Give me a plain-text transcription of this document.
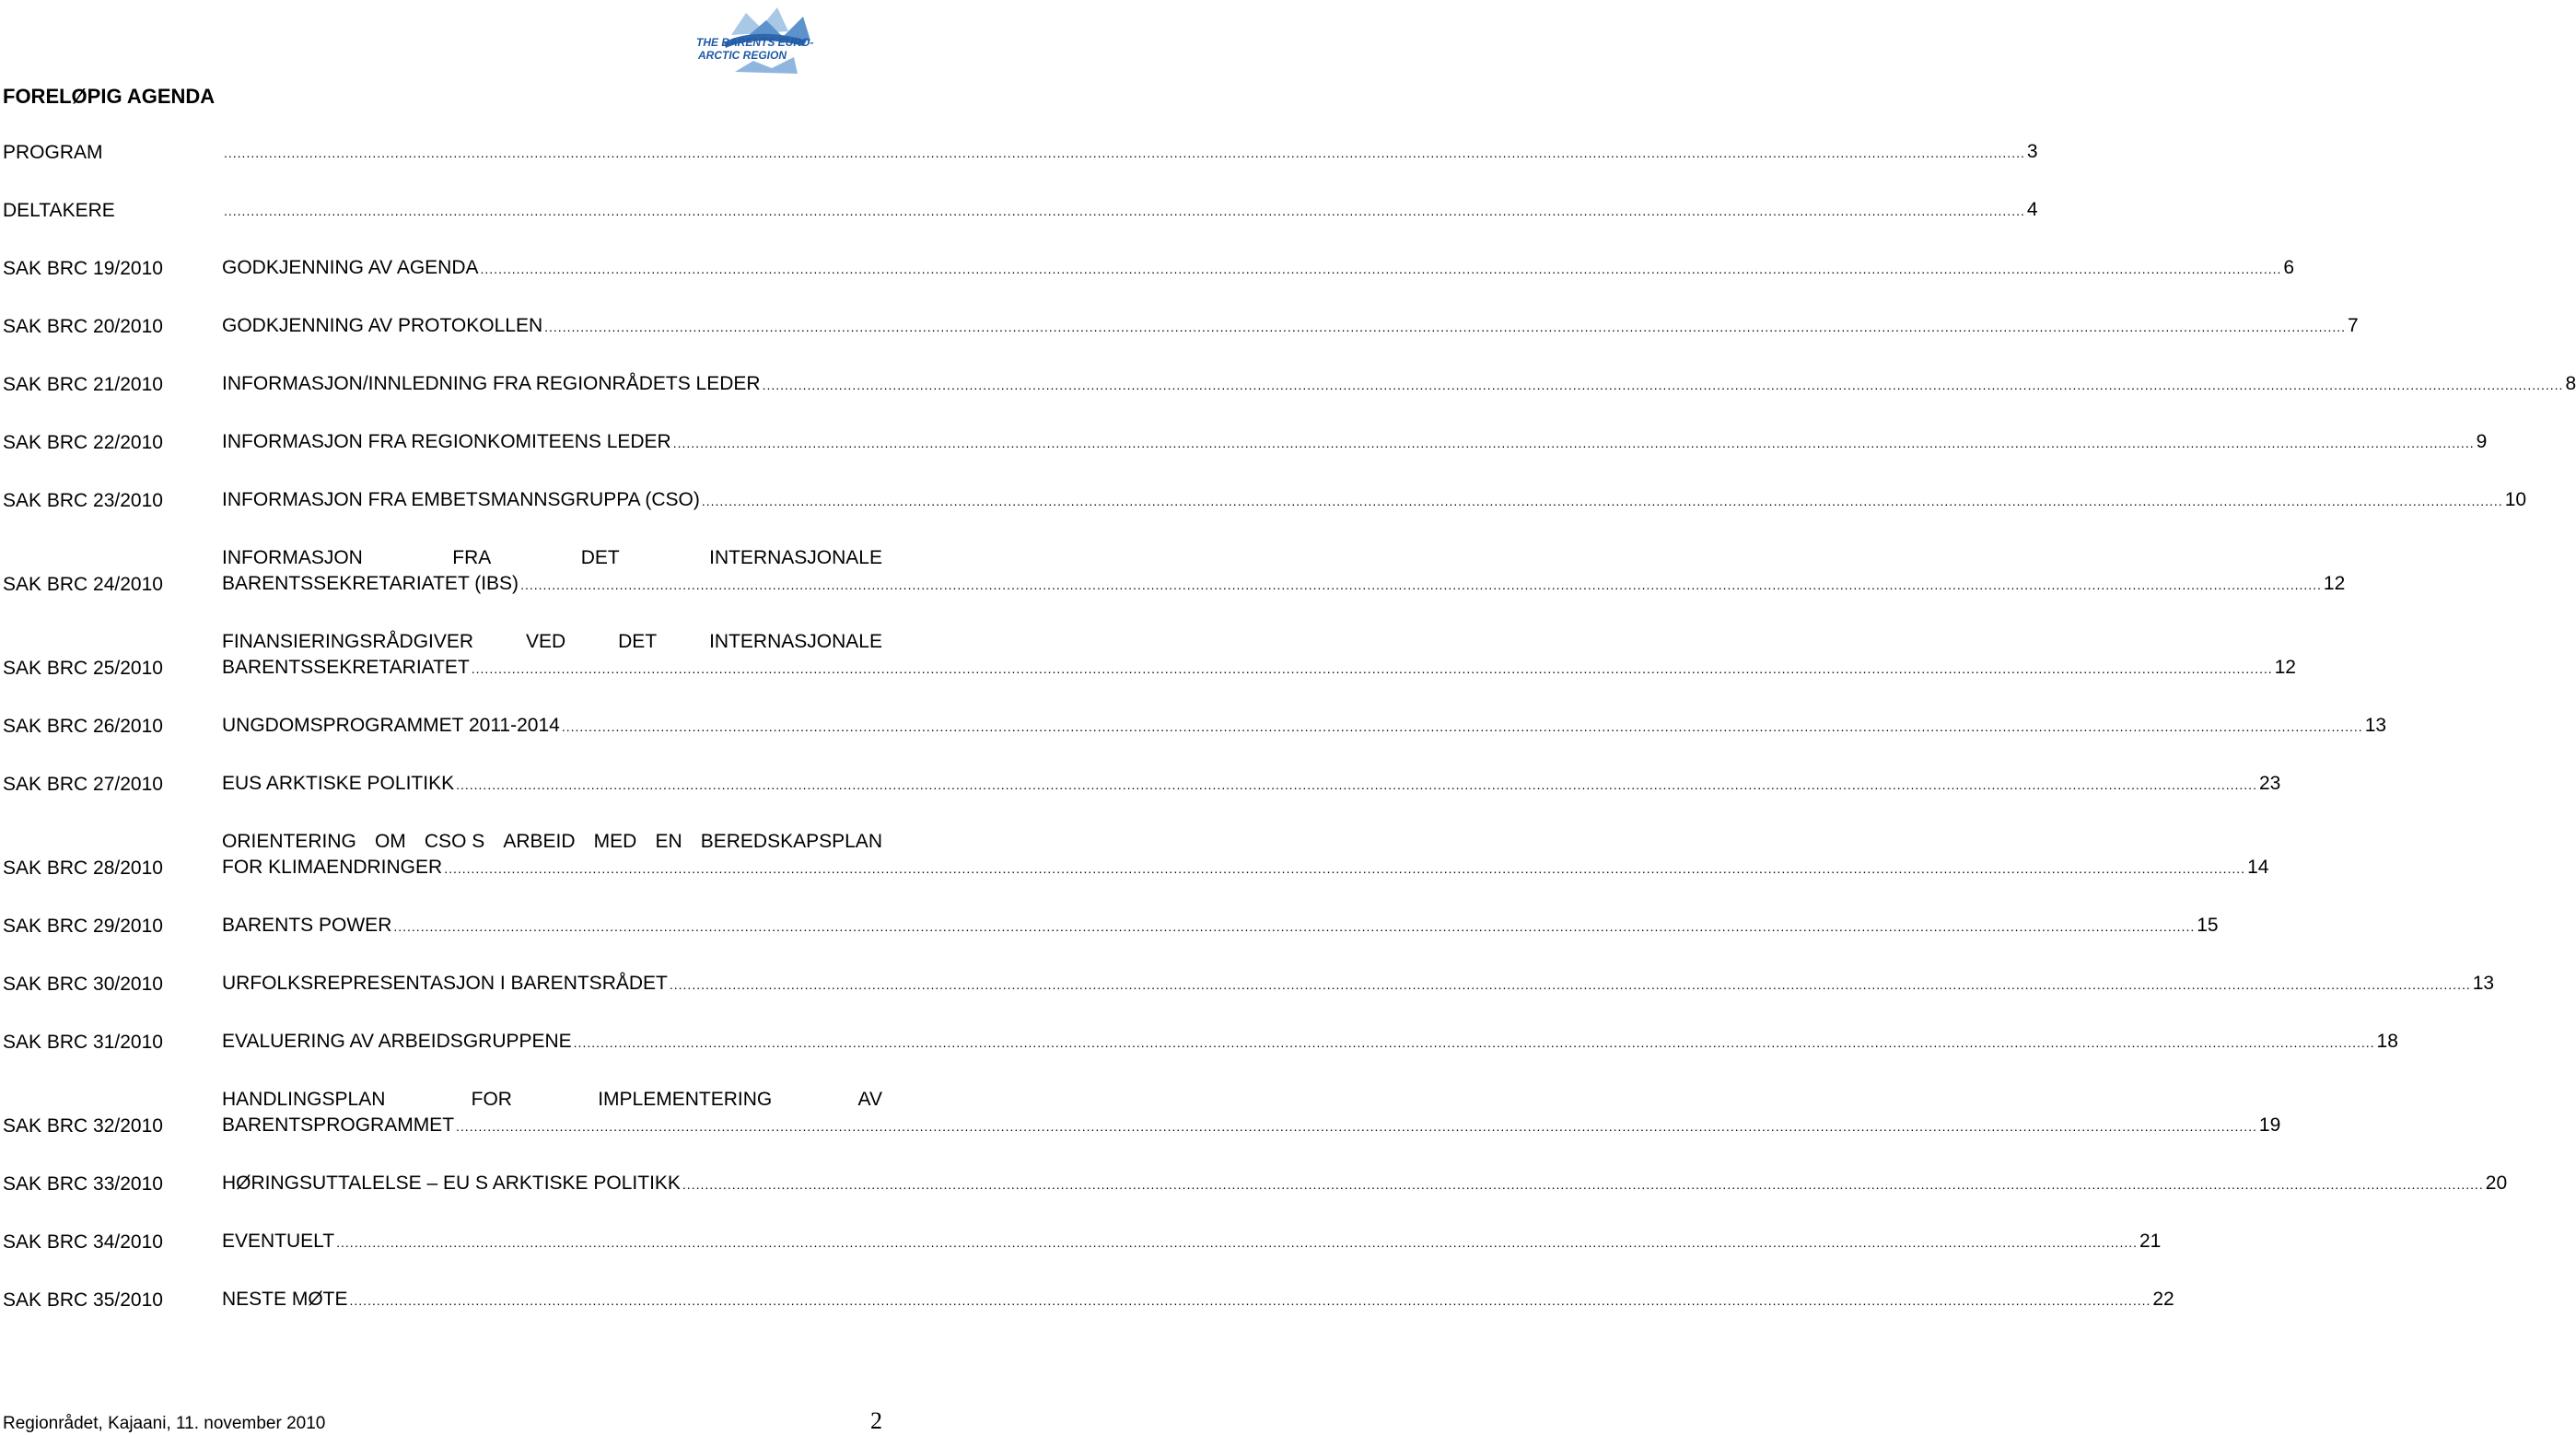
THE BARENTS EURO-
ARCTIC REGION
FORELØPIG AGENDA
PROGRAM	................................................................................................................................................................................................................................................................................................................................................................................................................ 3
DELTAKERE	................................................................................................................................................................................................................................................................................................................................................................................................................ 4
SAK BRC 19/2010	GODKJENNING AV AGENDA ................................................................................................................................................................................................................................................................................................................................................................................................................ 6
SAK BRC 20/2010	GODKJENNING AV PROTOKOLLEN ................................................................................................................................................................................................................................................................................................................................................................................................................ 7
SAK BRC 21/2010	INFORMASJON/INNLEDNING FRA REGIONRÅDETS LEDER ................................................................................................................................................................................................................................................................................................................................................................................................................ 8
SAK BRC 22/2010	INFORMASJON FRA REGIONKOMITEENS LEDER ................................................................................................................................................................................................................................................................................................................................................................................................................ 9
SAK BRC 23/2010	INFORMASJON FRA EMBETSMANNSGRUPPA (CSO) ................................................................................................................................................................................................................................................................................................................................................................................................................ 10
SAK BRC 24/2010
INFORMASJON	FRA	DET	INTERNASJONALE
BARENTSSEKRETARIATET (IBS) ................................................................................................................................................................................................................................................................................................................................................................................................................ 12
SAK BRC 25/2010
FINANSIERINGSRÅDGIVER	VED	DET	INTERNASJONALE
BARENTSSEKRETARIATET ................................................................................................................................................................................................................................................................................................................................................................................................................ 12
SAK BRC 26/2010	UNGDOMSPROGRAMMET 2011-2014 ................................................................................................................................................................................................................................................................................................................................................................................................................ 13
SAK BRC 27/2010	EUS ARKTISKE POLITIKK ................................................................................................................................................................................................................................................................................................................................................................................................................ 23
SAK BRC 28/2010
ORIENTERING OM CSO S ARBEID MED EN BEREDSKAPSPLAN
FOR KLIMAENDRINGER ................................................................................................................................................................................................................................................................................................................................................................................................................ 14
SAK BRC 29/2010	BARENTS POWER ................................................................................................................................................................................................................................................................................................................................................................................................................ 15
SAK BRC 30/2010	URFOLKSREPRESENTASJON I BARENTSRÅDET ................................................................................................................................................................................................................................................................................................................................................................................................................ 13
SAK BRC 31/2010	EVALUERING AV ARBEIDSGRUPPENE ................................................................................................................................................................................................................................................................................................................................................................................................................ 18
SAK BRC 32/2010
HANDLINGSPLAN	FOR	IMPLEMENTERING	AV
BARENTSPROGRAMMET ................................................................................................................................................................................................................................................................................................................................................................................................................ 19
SAK BRC 33/2010	HØRINGSUTTALELSE – EU S ARKTISKE POLITIKK ................................................................................................................................................................................................................................................................................................................................................................................................................ 20
SAK BRC 34/2010	EVENTUELT ................................................................................................................................................................................................................................................................................................................................................................................................................ 21
SAK BRC 35/2010	NESTE MØTE ................................................................................................................................................................................................................................................................................................................................................................................................................ 22
Regionrådet, Kajaani, 11. november 2010	2
